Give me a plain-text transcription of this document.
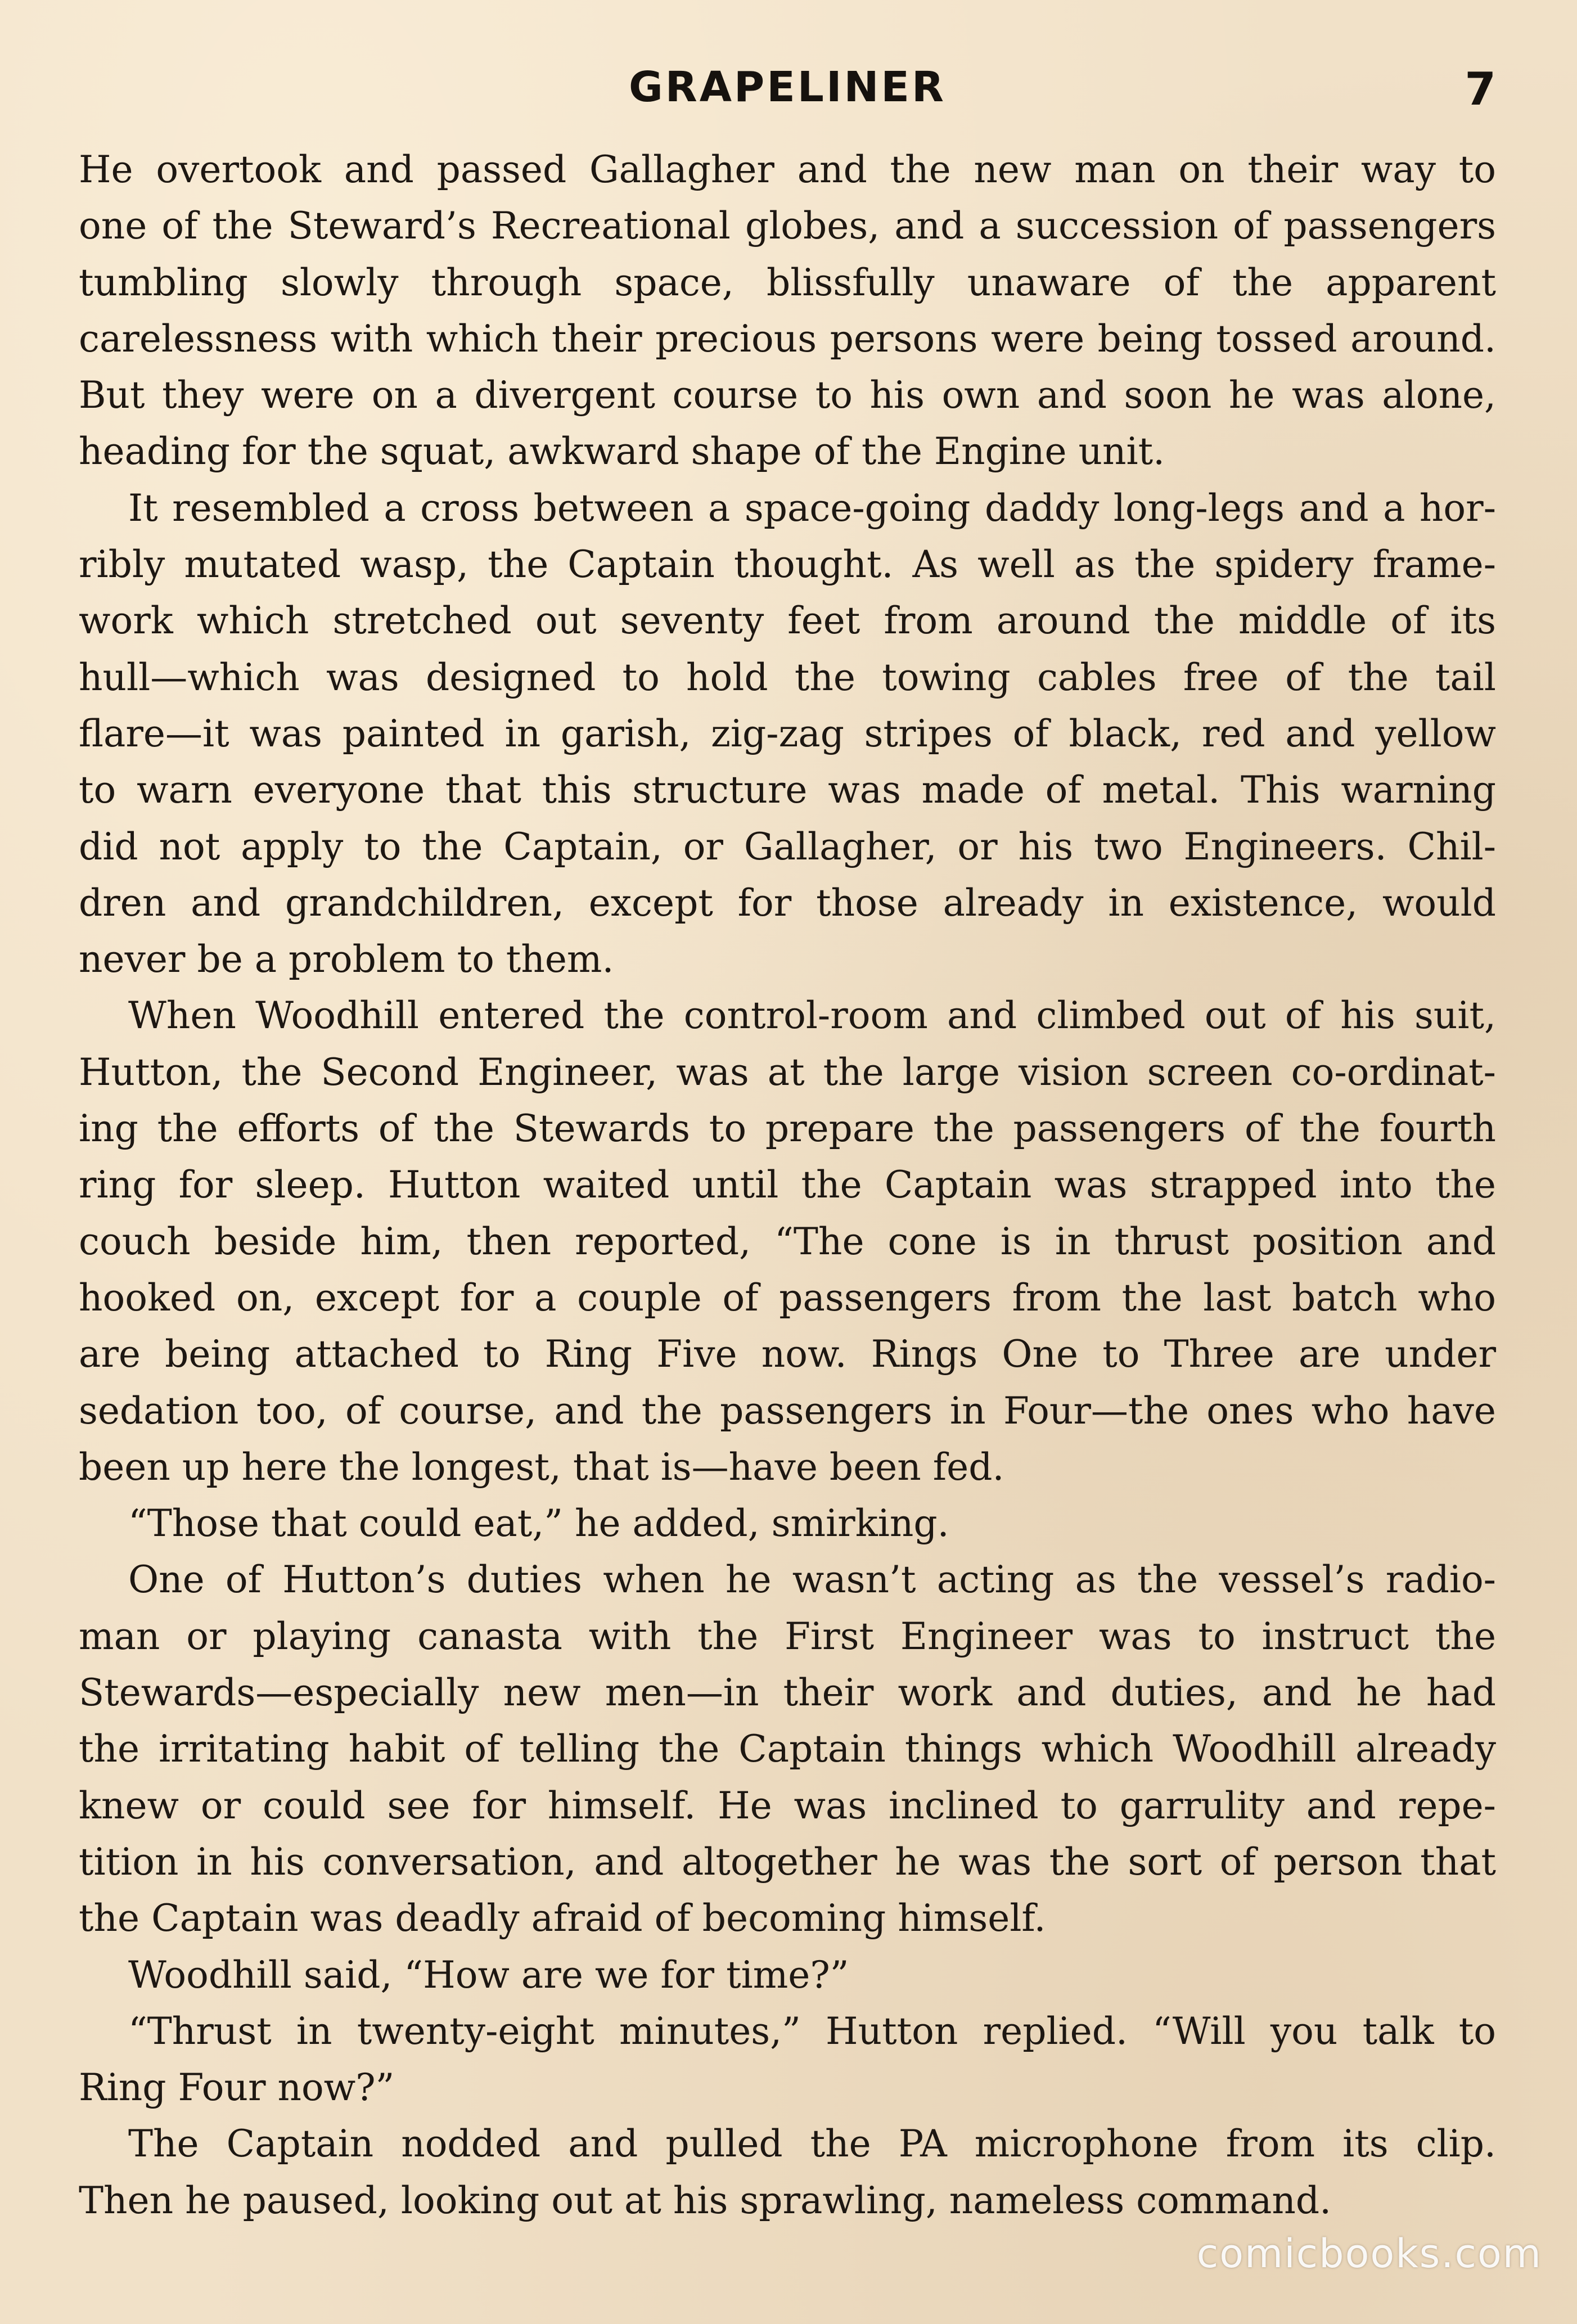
GRAPELINER	7
He overtook and passed Gallagher and the new man on their way to
one of the Steward’s Recreational globes, and a succession of passengers
tumbling slowly through space, blissfully unaware of the apparent
carelessness with which their precious persons were being tossed around.
But they were on a divergent course to his own and soon he was alone,
heading for the squat, awkward shape of the Engine unit.
It resembled a cross between a space-going daddy long-legs and a hor-
ribly mutated wasp, the Captain thought. As well as the spidery frame-
work which stretched out seventy feet from around the middle of its
hull—which was designed to hold the towing cables free of the tail
flare—it was painted in garish, zig-zag stripes of black, red and yellow
to warn everyone that this structure was made of metal. This warning
did not apply to the Captain, or Gallagher, or his two Engineers. Chil-
dren and grandchildren, except for those already in existence, would
never be a problem to them.
When Woodhill entered the control-room and climbed out of his suit,
Hutton, the Second Engineer, was at the large vision screen co-ordinat-
ing the efforts of the Stewards to prepare the passengers of the fourth
ring for sleep. Hutton waited until the Captain was strapped into the
couch beside him, then reported, “The cone is in thrust position and
hooked on, except for a couple of passengers from the last batch who
are being attached to Ring Five now. Rings One to Three are under
sedation too, of course, and the passengers in Four—the ones who have
been up here the longest, that is—have been fed.
“Those that could eat,” he added, smirking.
One of Hutton’s duties when he wasn’t acting as the vessel’s radio-
man or playing canasta with the First Engineer was to instruct the
Stewards—especially new men—in their work and duties, and he had
the irritating habit of telling the Captain things which Woodhill already
knew or could see for himself. He was inclined to garrulity and repe-
tition in his conversation, and altogether he was the sort of person that
the Captain was deadly afraid of becoming himself.
Woodhill said, “How are we for time?”
“Thrust in twenty-eight minutes,” Hutton replied. “Will you talk to
Ring Four now?”
The Captain nodded and pulled the PA microphone from its clip.
Then he paused, looking out at his sprawling, nameless command.
comicbooks.com
